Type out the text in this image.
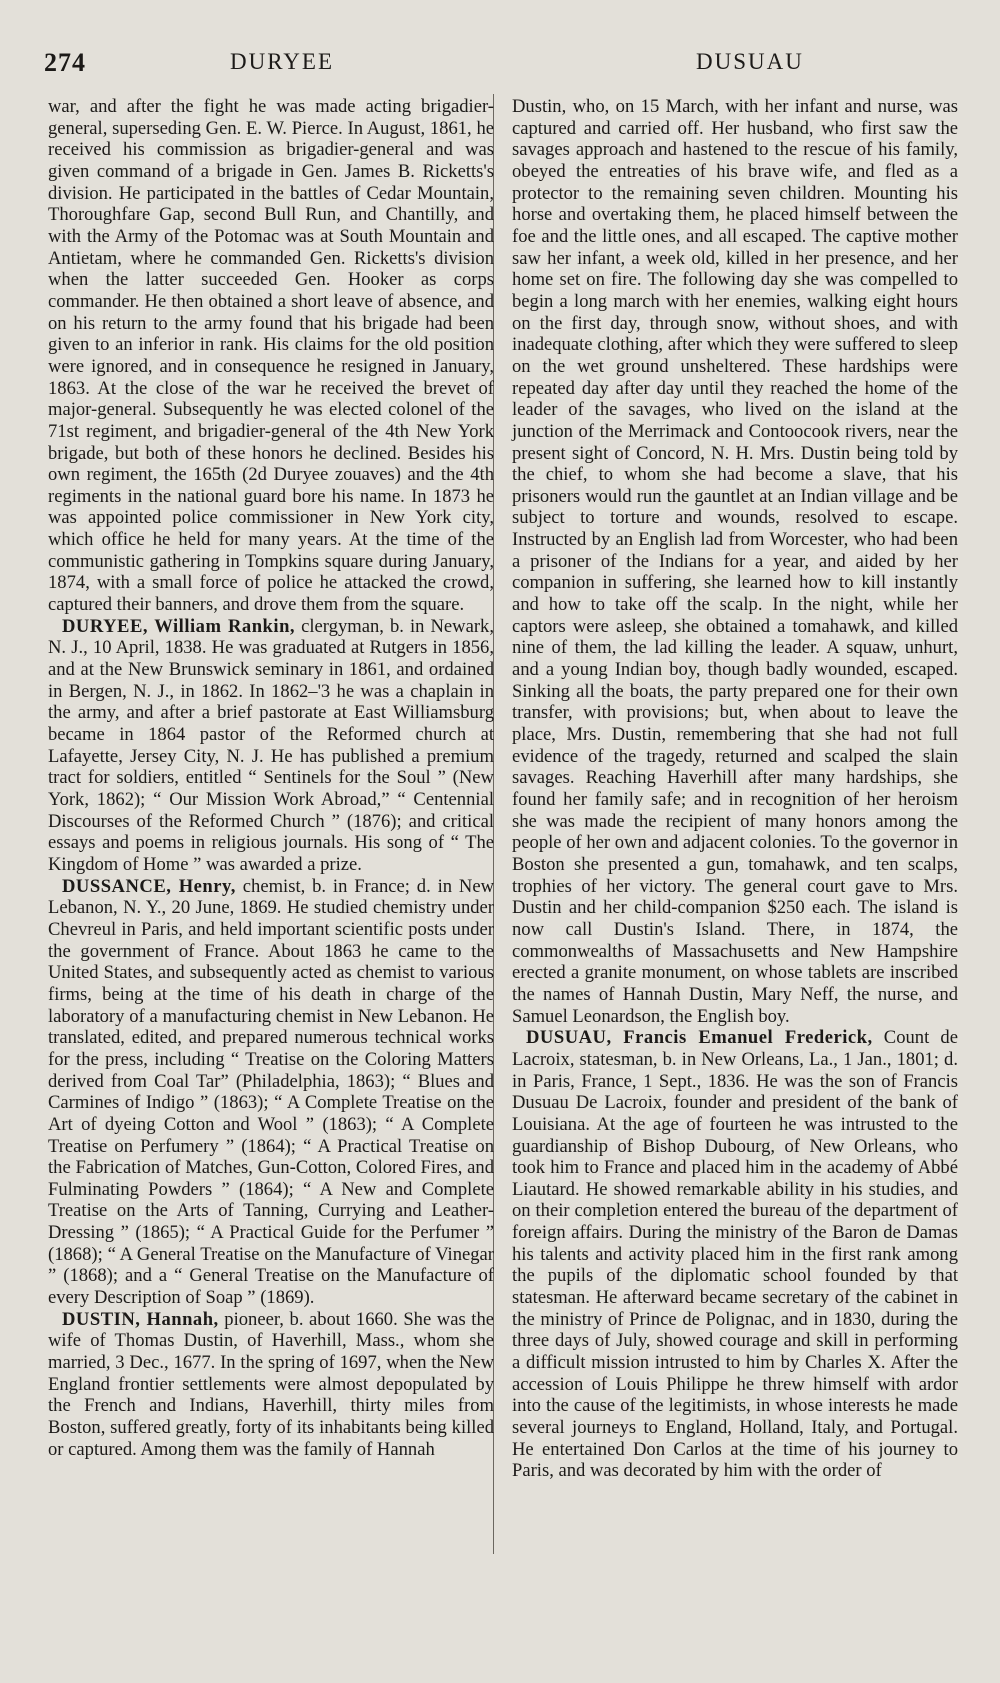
274	DURYEE	DUSUAU

war, and after the fight he was made acting brigadier-general, superseding Gen. E. W. Pierce. In August, 1861, he received his commission as brigadier-general and was given command of a brigade in Gen. James B. Ricketts's division. He participated in the battles of Cedar Mountain, Thoroughfare Gap, second Bull Run, and Chantilly, and with the Army of the Potomac was at South Mountain and Antietam, where he commanded Gen. Ricketts's division when the latter succeeded Gen. Hooker as corps commander. He then obtained a short leave of absence, and on his return to the army found that his brigade had been given to an inferior in rank. His claims for the old position were ignored, and in consequence he resigned in January, 1863. At the close of the war he received the brevet of major-general. Subsequently he was elected colonel of the 71st regiment, and brigadier-general of the 4th New York brigade, but both of these honors he declined. Besides his own regiment, the 165th (2d Duryee zouaves) and the 4th regiments in the national guard bore his name. In 1873 he was appointed police commissioner in New York city, which office he held for many years. At the time of the communistic gathering in Tompkins square during January, 1874, with a small force of police he attacked the crowd, captured their banners, and drove them from the square.

DURYEE, William Rankin, clergyman, b. in Newark, N. J., 10 April, 1838. He was graduated at Rutgers in 1856, and at the New Brunswick seminary in 1861, and ordained in Bergen, N. J., in 1862. In 1862–'3 he was a chaplain in the army, and after a brief pastorate at East Williamsburg became in 1864 pastor of the Reformed church at Lafayette, Jersey City, N. J. He has published a premium tract for soldiers, entitled “ Sentinels for the Soul ” (New York, 1862); “ Our Mission Work Abroad,” “ Centennial Discourses of the Reformed Church ” (1876); and critical essays and poems in religious journals. His song of “ The Kingdom of Home ” was awarded a prize.

DUSSANCE, Henry, chemist, b. in France; d. in New Lebanon, N. Y., 20 June, 1869. He studied chemistry under Chevreul in Paris, and held important scientific posts under the government of France. About 1863 he came to the United States, and subsequently acted as chemist to various firms, being at the time of his death in charge of the laboratory of a manufacturing chemist in New Lebanon. He translated, edited, and prepared numerous technical works for the press, including “ Treatise on the Coloring Matters derived from Coal Tar” (Philadelphia, 1863); “ Blues and Carmines of Indigo ” (1863); “ A Complete Treatise on the Art of dyeing Cotton and Wool ” (1863); “ A Complete Treatise on Perfumery ” (1864); “ A Practical Treatise on the Fabrication of Matches, Gun-Cotton, Colored Fires, and Fulminating Powders ” (1864); “ A New and Complete Treatise on the Arts of Tanning, Currying and Leather-Dressing ” (1865); “ A Practical Guide for the Perfumer ” (1868); “ A General Treatise on the Manufacture of Vinegar ” (1868); and a “ General Treatise on the Manufacture of every Description of Soap ” (1869).

DUSTIN, Hannah, pioneer, b. about 1660. She was the wife of Thomas Dustin, of Haverhill, Mass., whom she married, 3 Dec., 1677. In the spring of 1697, when the New England frontier settlements were almost depopulated by the French and Indians, Haverhill, thirty miles from Boston, suffered greatly, forty of its inhabitants being killed or captured. Among them was the family of Hannah

Dustin, who, on 15 March, with her infant and nurse, was captured and carried off. Her husband, who first saw the savages approach and hastened to the rescue of his family, obeyed the entreaties of his brave wife, and fled as a protector to the remaining seven children. Mounting his horse and overtaking them, he placed himself between the foe and the little ones, and all escaped. The captive mother saw her infant, a week old, killed in her presence, and her home set on fire. The following day she was compelled to begin a long march with her enemies, walking eight hours on the first day, through snow, without shoes, and with inadequate clothing, after which they were suffered to sleep on the wet ground unsheltered. These hardships were repeated day after day until they reached the home of the leader of the savages, who lived on the island at the junction of the Merrimack and Contoocook rivers, near the present sight of Concord, N. H. Mrs. Dustin being told by the chief, to whom she had become a slave, that his prisoners would run the gauntlet at an Indian village and be subject to torture and wounds, resolved to escape. Instructed by an English lad from Worcester, who had been a prisoner of the Indians for a year, and aided by her companion in suffering, she learned how to kill instantly and how to take off the scalp. In the night, while her captors were asleep, she obtained a tomahawk, and killed nine of them, the lad killing the leader. A squaw, unhurt, and a young Indian boy, though badly wounded, escaped. Sinking all the boats, the party prepared one for their own transfer, with provisions; but, when about to leave the place, Mrs. Dustin, remembering that she had not full evidence of the tragedy, returned and scalped the slain savages. Reaching Haverhill after many hardships, she found her family safe; and in recognition of her heroism she was made the recipient of many honors among the people of her own and adjacent colonies. To the governor in Boston she presented a gun, tomahawk, and ten scalps, trophies of her victory. The general court gave to Mrs. Dustin and her child-companion $250 each. The island is now call Dustin's Island. There, in 1874, the commonwealths of Massachusetts and New Hampshire erected a granite monument, on whose tablets are inscribed the names of Hannah Dustin, Mary Neff, the nurse, and Samuel Leonardson, the English boy.

DUSUAU, Francis Emanuel Frederick, Count de Lacroix, statesman, b. in New Orleans, La., 1 Jan., 1801; d. in Paris, France, 1 Sept., 1836. He was the son of Francis Dusuau De Lacroix, founder and president of the bank of Louisiana. At the age of fourteen he was intrusted to the guardianship of Bishop Dubourg, of New Orleans, who took him to France and placed him in the academy of Abbé Liautard. He showed remarkable ability in his studies, and on their completion entered the bureau of the department of foreign affairs. During the ministry of the Baron de Damas his talents and activity placed him in the first rank among the pupils of the diplomatic school founded by that statesman. He afterward became secretary of the cabinet in the ministry of Prince de Polignac, and in 1830, during the three days of July, showed courage and skill in performing a difficult mission intrusted to him by Charles X. After the accession of Louis Philippe he threw himself with ardor into the cause of the legitimists, in whose interests he made several journeys to England, Holland, Italy, and Portugal. He entertained Don Carlos at the time of his journey to Paris, and was decorated by him with the order of
